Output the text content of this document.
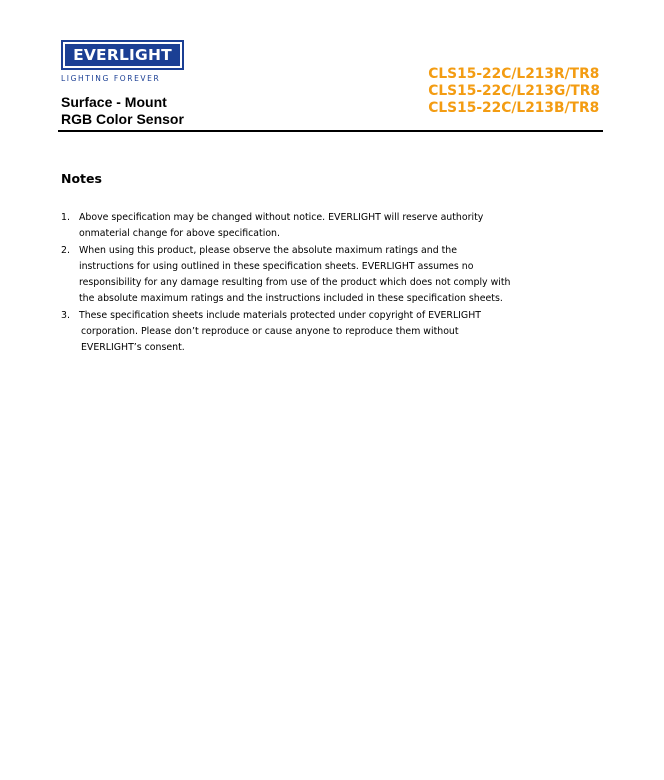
EVERLIGHT
LIGHTING FOREVER
Surface - Mount
RGB Color Sensor
CLS15-22C/L213R/TR8
CLS15-22C/L213G/TR8
CLS15-22C/L213B/TR8
Notes
1. Above specification may be changed without notice. EVERLIGHT will reserve authority
onmaterial change for above specification.
2. When using this product, please observe the absolute maximum ratings and the
instructions for using outlined in these specification sheets. EVERLIGHT assumes no
responsibility for any damage resulting from use of the product which does not comply with
the absolute maximum ratings and the instructions included in these specification sheets.
3. These specification sheets include materials protected under copyright of EVERLIGHT
corporation. Please don’t reproduce or cause anyone to reproduce them without
EVERLIGHT’s consent.
